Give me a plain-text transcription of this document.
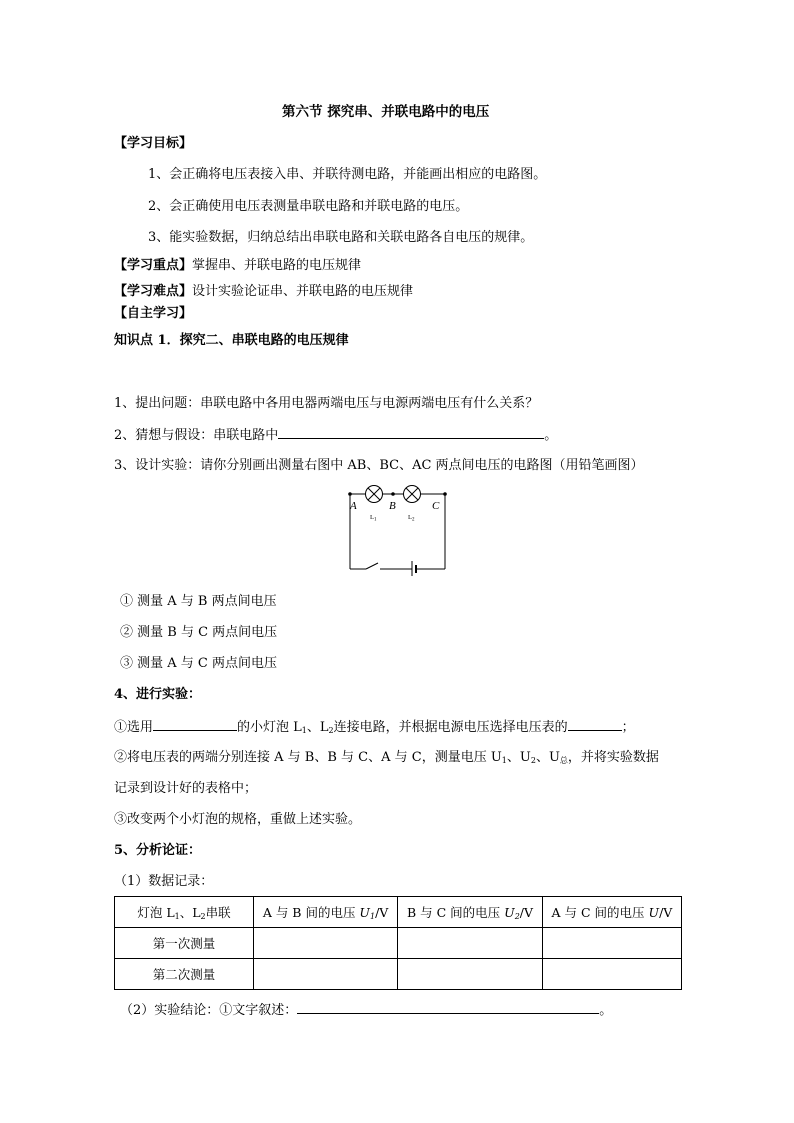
第六节 探究串、并联电路中的电压
【学习目标】
1、会正确将电压表接入串、并联待测电路，并能画出相应的电路图。
2、会正确使用电压表测量串联电路和并联电路的电压。
3、能实验数据，归纳总结出串联电路和关联电路各自电压的规律。
【学习重点】掌握串、并联电路的电压规律
【学习难点】设计实验论证串、并联电路的电压规律
【自主学习】
知识点 1．探究二、串联电路的电压规律
1、提出问题：串联电路中各用电器两端电压与电源两端电压有什么关系？
2、猜想与假设：串联电路中	。
3、设计实验：请你分别画出测量右图中 AB、BC、AC 两点间电压的电路图（用铅笔画图）
A	B	C
$L_1$	$L_2$
① 测量 A 与 B 两点间电压
② 测量 B 与 C 两点间电压
③ 测量 A 与 C 两点间电压
4、进行实验：
①选用	的小灯泡 $L_1$、$L_2$连接电路，并根据电源电压选择电压表的	；
②将电压表的两端分别连接 A 与 B、B 与 C、A 与 C，测量电压 $U_1$、$U_2$、$U_总$，并将实验数据
记录到设计好的表格中；
③改变两个小灯泡的规格，重做上述实验。
5、分析论证：
（1）数据记录：
灯泡 $L_1$、$L_2$串联	A 与 B 间的电压 $U_1/V$	B 与 C 间的电压 $U_2/V$	A 与 C 间的电压 U/V
第一次测量			
第二次测量			
（2）实验结论：①文字叙述：	。
